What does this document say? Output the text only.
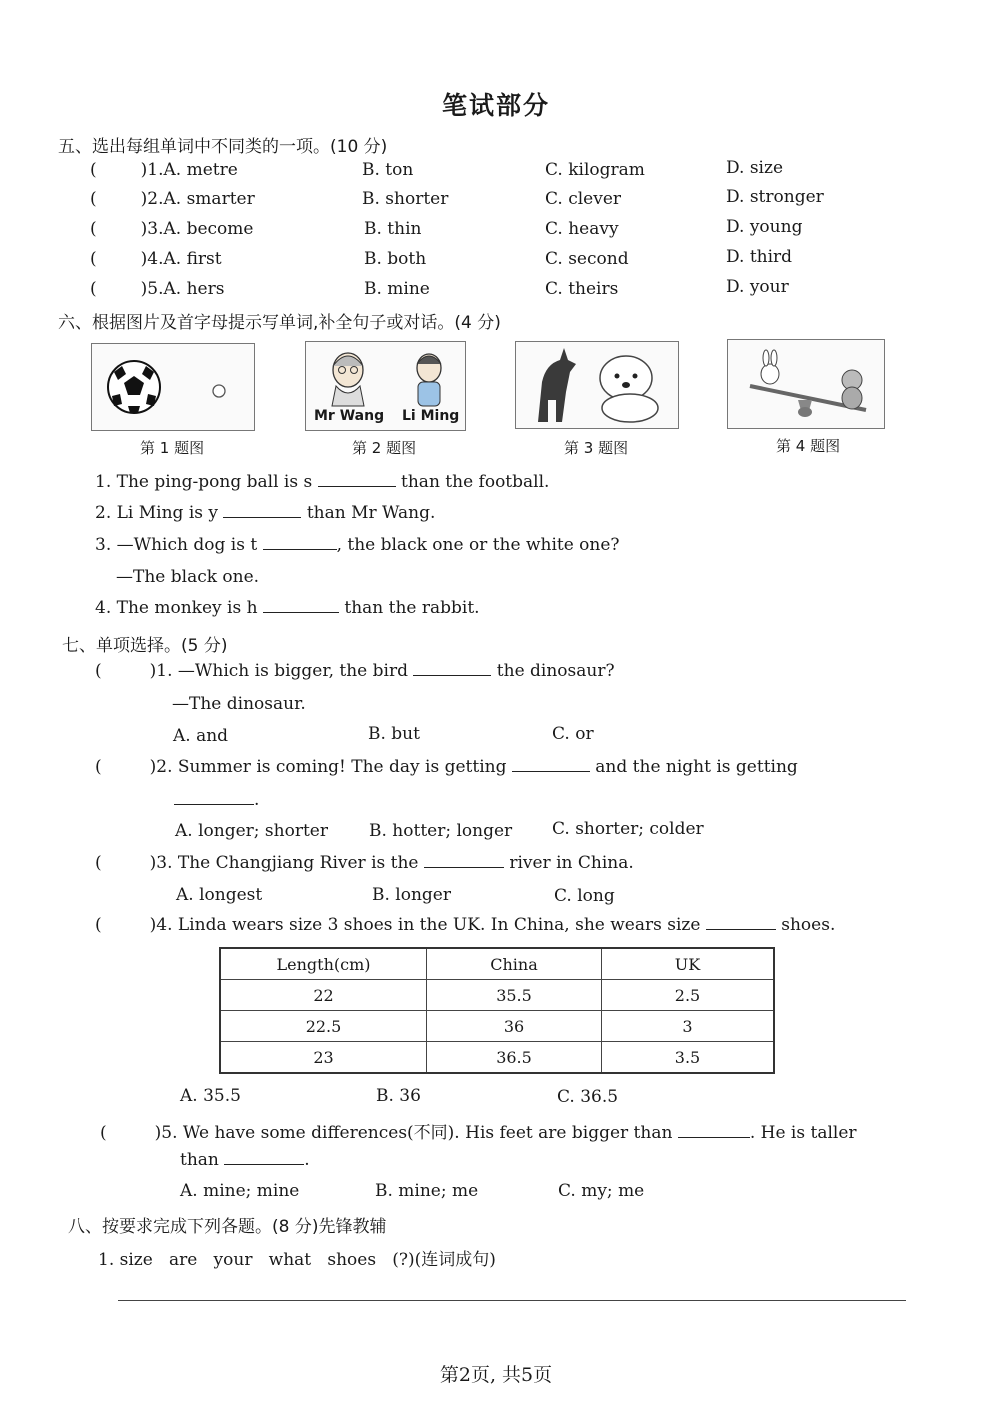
笔试部分
五、选出每组单词中不同类的一项。(10 分)
(	)1.A. metre	B. ton	C. kilogram	D. size
(	)2.A. smarter	B. shorter	C. clever	D. stronger
(	)3.A. become	B. thin	C. heavy	D. young
(	)4.A. first	B. both	C. second	D. third
(	)5.A. hers	B. mine	C. theirs	D. your
六、根据图片及首字母提示写单词,补全句子或对话。(4 分)
第 1 题图
Mr Wang Li Ming
第 2 题图	第 3 题图	第 4 题图
1. The ping-pong ball is s	than the football.
2. Li Ming is y	than Mr Wang.
3. —Which dog is t	, the black one or the white one?
—The black one.
4. The monkey is h	than the rabbit.
七、单项选择。(5 分)
(	)1. —Which is bigger, the bird	the dinosaur?
—The dinosaur.
A. and	B. but	C. or
(	)2. Summer is coming! The day is getting	and the night is getting
.
A. longer; shorter B. hotter; longer C. shorter; colder
(	)3. The Changjiang River is the	river in China.
A. longest	B. longer	C. long
(	)4. Linda wears size 3 shoes in the UK. In China, she wears size	shoes.
Length(cm)	China	UK
22	35.5	2.5
22.5	36	3
23	36.5	3.5
A. 35.5	B. 36	C. 36.5
(	)5. We have some differences(不同). His feet are bigger than	. He is taller
than	.
A. mine; mine	B. mine; me	C. my; me
八、按要求完成下列各题。(8 分)先锋教辅
1. size   are   your   what   shoes   (?)(连词成句)
第2页, 共5页
